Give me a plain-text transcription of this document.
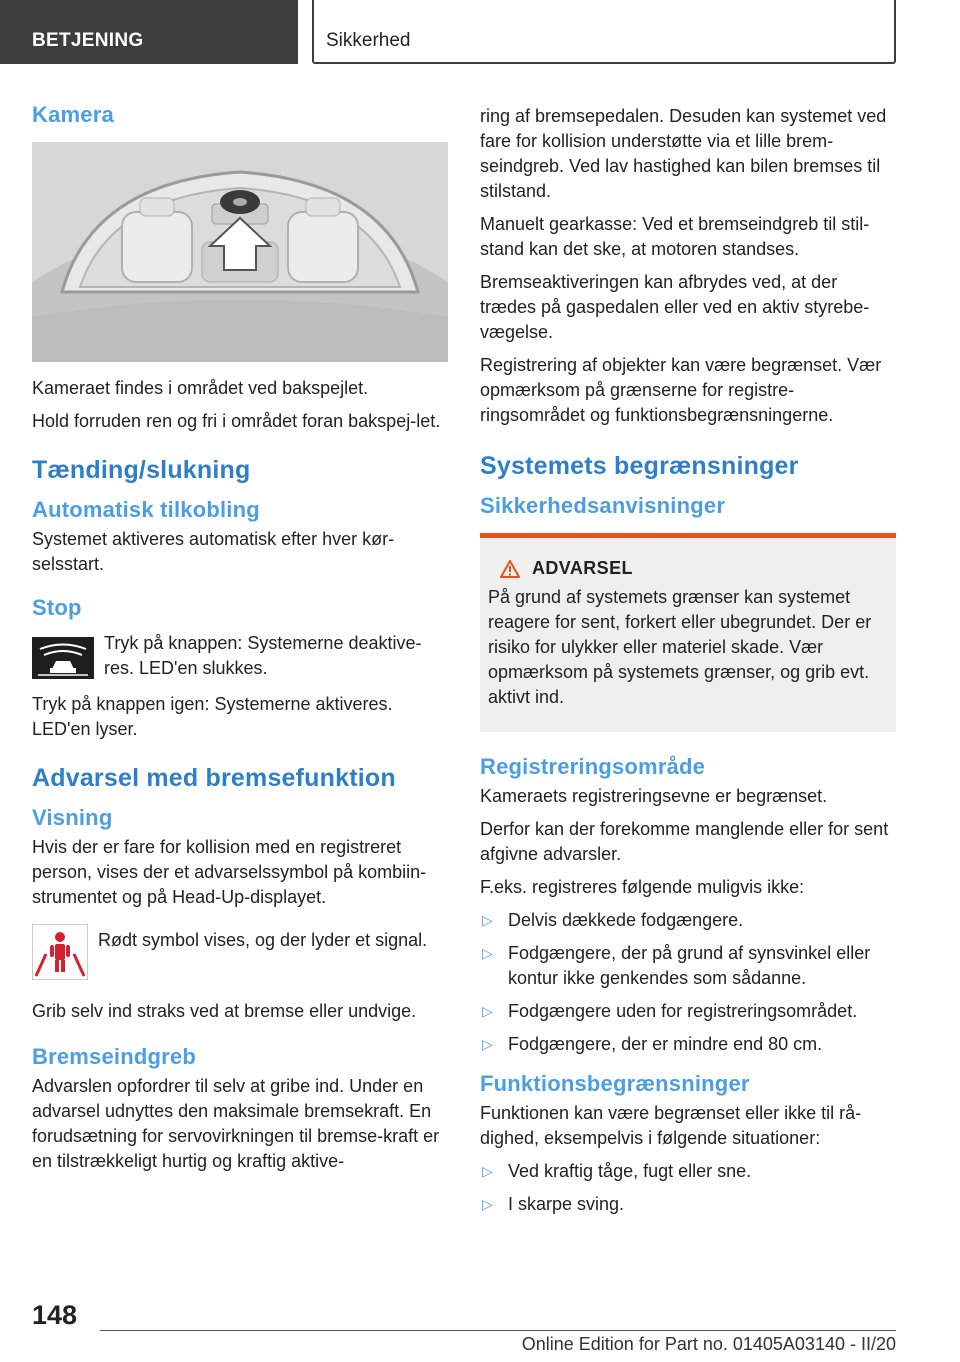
BETJENING	Sikkerhed
Kamera

Kameraet findes i området ved bakspejlet.

Hold forruden ren og fri i området foran bakspej-let.

Tænding/slukning
Automatisk tilkobling

Systemet aktiveres automatisk efter hver kør-selsstart.

Stop

Tryk på knappen: Systemerne deaktive-res. LED'en slukkes.

Tryk på knappen igen: Systemerne aktiveres. LED'en lyser.

Advarsel med bremsefunktion
Visning

Hvis der er fare for kollision med en registreret person, vises der et advarselssymbol på kombiin-strumentet og på Head-Up-displayet.

Rødt symbol vises, og der lyder et signal.

Grib selv ind straks ved at bremse eller undvige.

Bremseindgreb

Advarslen opfordrer til selv at gribe ind. Under en advarsel udnyttes den maksimale bremsekraft. En forudsætning for servovirkningen til bremse-kraft er en tilstrækkeligt hurtig og kraftig aktive-

ring af bremsepedalen. Desuden kan systemet ved fare for kollision understøtte via et lille brem-seindgreb. Ved lav hastighed kan bilen bremses til stilstand.

Manuelt gearkasse: Ved et bremseindgreb til stil-stand kan det ske, at motoren standses.

Bremseaktiveringen kan afbrydes ved, at der trædes på gaspedalen eller ved en aktiv styrebe-vægelse.

Registrering af objekter kan være begrænset. Vær opmærksom på grænserne for registre-ringsområdet og funktionsbegrænsningerne.

Systemets begrænsninger
Sikkerhedsanvisninger
ADVARSEL

På grund af systemets grænser kan systemet reagere for sent, forkert eller ubegrundet. Der er risiko for ulykker eller materiel skade. Vær opmærksom på systemets grænser, og grib evt. aktivt ind.

Registreringsområde

Kameraets registreringsevne er begrænset.

Derfor kan der forekomme manglende eller for sent afgivne advarsler.

F.eks. registreres følgende muligvis ikke:

▷ Delvis dækkede fodgængere.
▷ Fodgængere, der på grund af synsvinkel eller kontur ikke genkendes som sådanne.
▷ Fodgængere uden for registreringsområdet.
▷ Fodgængere, der er mindre end 80 cm.
Funktionsbegrænsninger

Funktionen kan være begrænset eller ikke til rå-dighed, eksempelvis i følgende situationer:

▷ Ved kraftig tåge, fugt eller sne.
▷ I skarpe sving.
148
Online Edition for Part no. 01405A03140 - II/20
